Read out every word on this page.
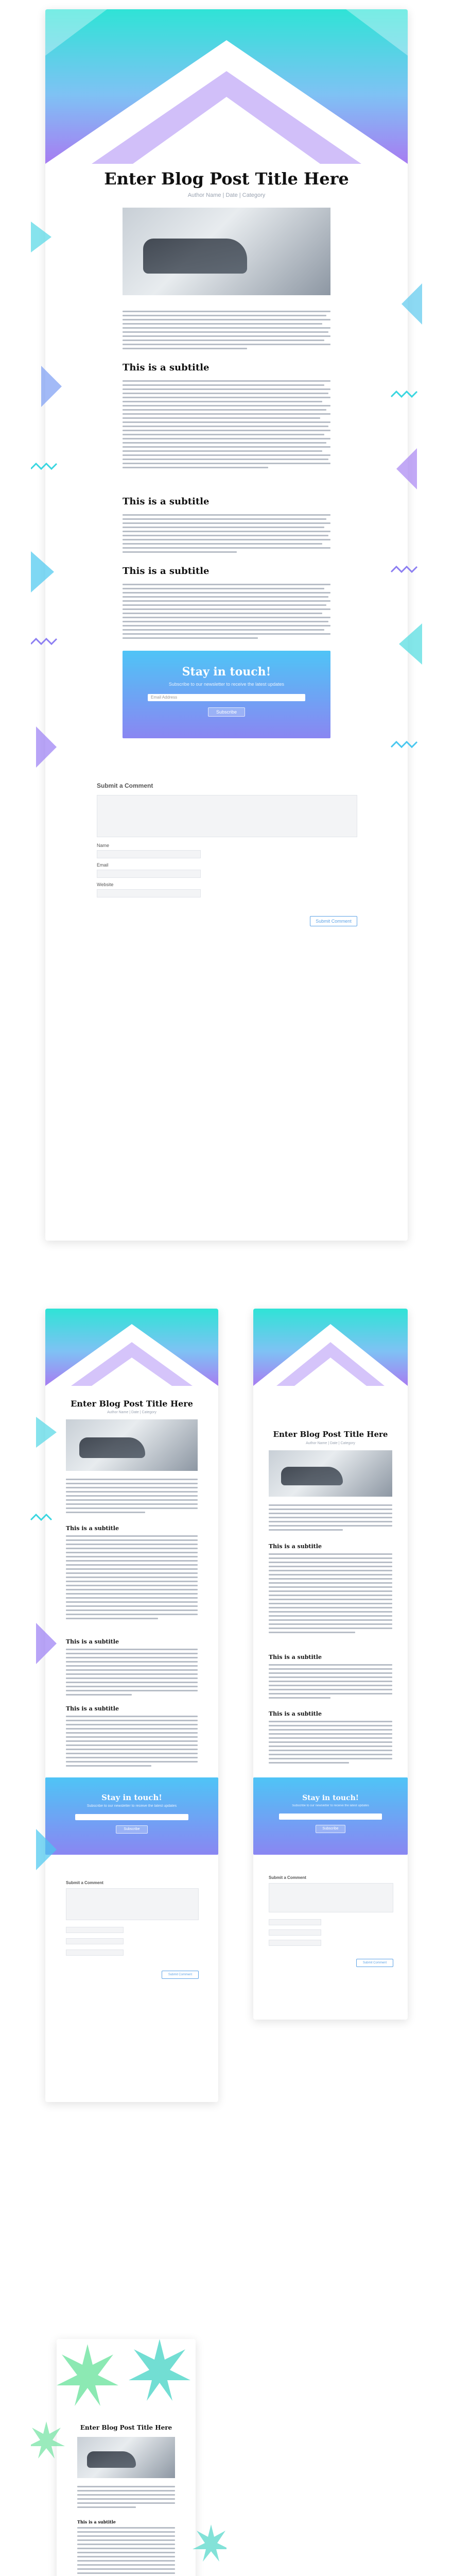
Enter Blog Post Title Here
Author Name | Date | Category
This is a subtitle
This is a subtitle
This is a subtitle
Stay in touch!
Subscribe to our newsletter to receive the latest updates
Email Address
Subscribe
Submit a Comment
Name
Email
Website
Submit Comment
Enter Blog Post Title Here
Author Name | Date | Category
This is a subtitle
This is a subtitle
This is a subtitle
Stay in touch!
Subscribe to our newsletter to receive the latest updates
Subscribe
Submit a Comment
Submit Comment
Enter Blog Post Title Here
Author Name | Date | Category
This is a subtitle
This is a subtitle
This is a subtitle
Stay in touch!
Subscribe to our newsletter to receive the latest updates
Subscribe
Submit a Comment
Submit Comment
Enter Blog Post Title Here
This is a subtitle
